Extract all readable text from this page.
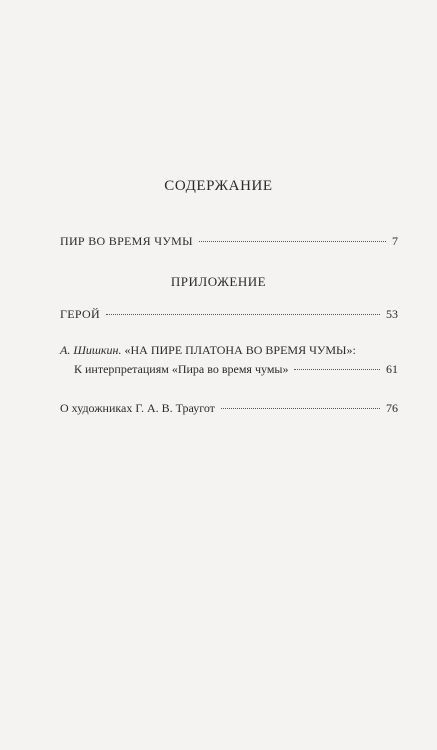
СОДЕРЖАНИЕ
ПИР ВО ВРЕМЯ ЧУМЫ	7
ПРИЛОЖЕНИЕ
ГЕРОЙ	53
А. Шишкин. «НА ПИРЕ ПЛАТОНА ВО ВРЕМЯ ЧУМЫ»:
К интерпретациям «Пира во время чумы»	61
О художниках Г. А. В. Траугот	76
